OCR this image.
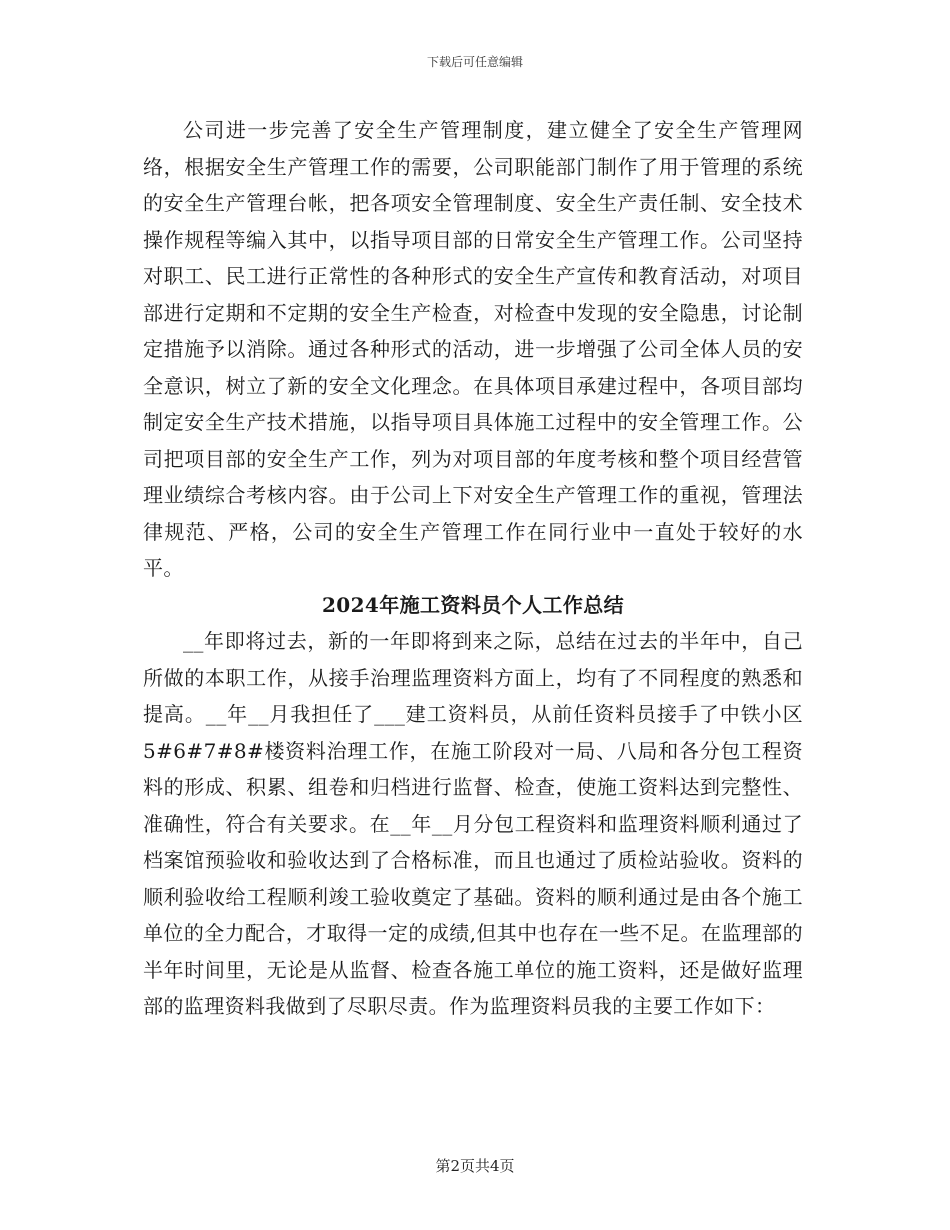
下载后可任意编辑

公司进一步完善了安全生产管理制度，建立健全了安全生产管理网络，根据安全生产管理工作的需要，公司职能部门制作了用于管理的系统的安全生产管理台帐，把各项安全管理制度、安全生产责任制、安全技术操作规程等编入其中，以指导项目部的日常安全生产管理工作。公司坚持对职工、民工进行正常性的各种形式的安全生产宣传和教育活动，对项目部进行定期和不定期的安全生产检查，对检查中发现的安全隐患，讨论制定措施予以消除。通过各种形式的活动，进一步增强了公司全体人员的安全意识，树立了新的安全文化理念。在具体项目承建过程中，各项目部均制定安全生产技术措施，以指导项目具体施工过程中的安全管理工作。公司把项目部的安全生产工作，列为对项目部的年度考核和整个项目经营管理业绩综合考核内容。由于公司上下对安全生产管理工作的重视，管理法律规范、严格，公司的安全生产管理工作在同行业中一直处于较好的水平。

2024年施工资料员个人工作总结

__年即将过去，新的一年即将到来之际，总结在过去的半年中，自己所做的本职工作，从接手治理监理资料方面上，均有了不同程度的熟悉和提高。__年__月我担任了___建工资料员，从前任资料员接手了中铁小区5#6#7#8#楼资料治理工作，在施工阶段对一局、八局和各分包工程资料的形成、积累、组卷和归档进行监督、检查，使施工资料达到完整性、准确性，符合有关要求。在__年__月分包工程资料和监理资料顺利通过了档案馆预验收和验收达到了合格标准，而且也通过了质检站验收。资料的顺利验收给工程顺利竣工验收奠定了基础。资料的顺利通过是由各个施工单位的全力配合，才取得一定的成绩,但其中也存在一些不足。在监理部的半年时间里，无论是从监督、检查各施工单位的施工资料，还是做好监理部的监理资料我做到了尽职尽责。作为监理资料员我的主要工作如下：

第2页共4页
